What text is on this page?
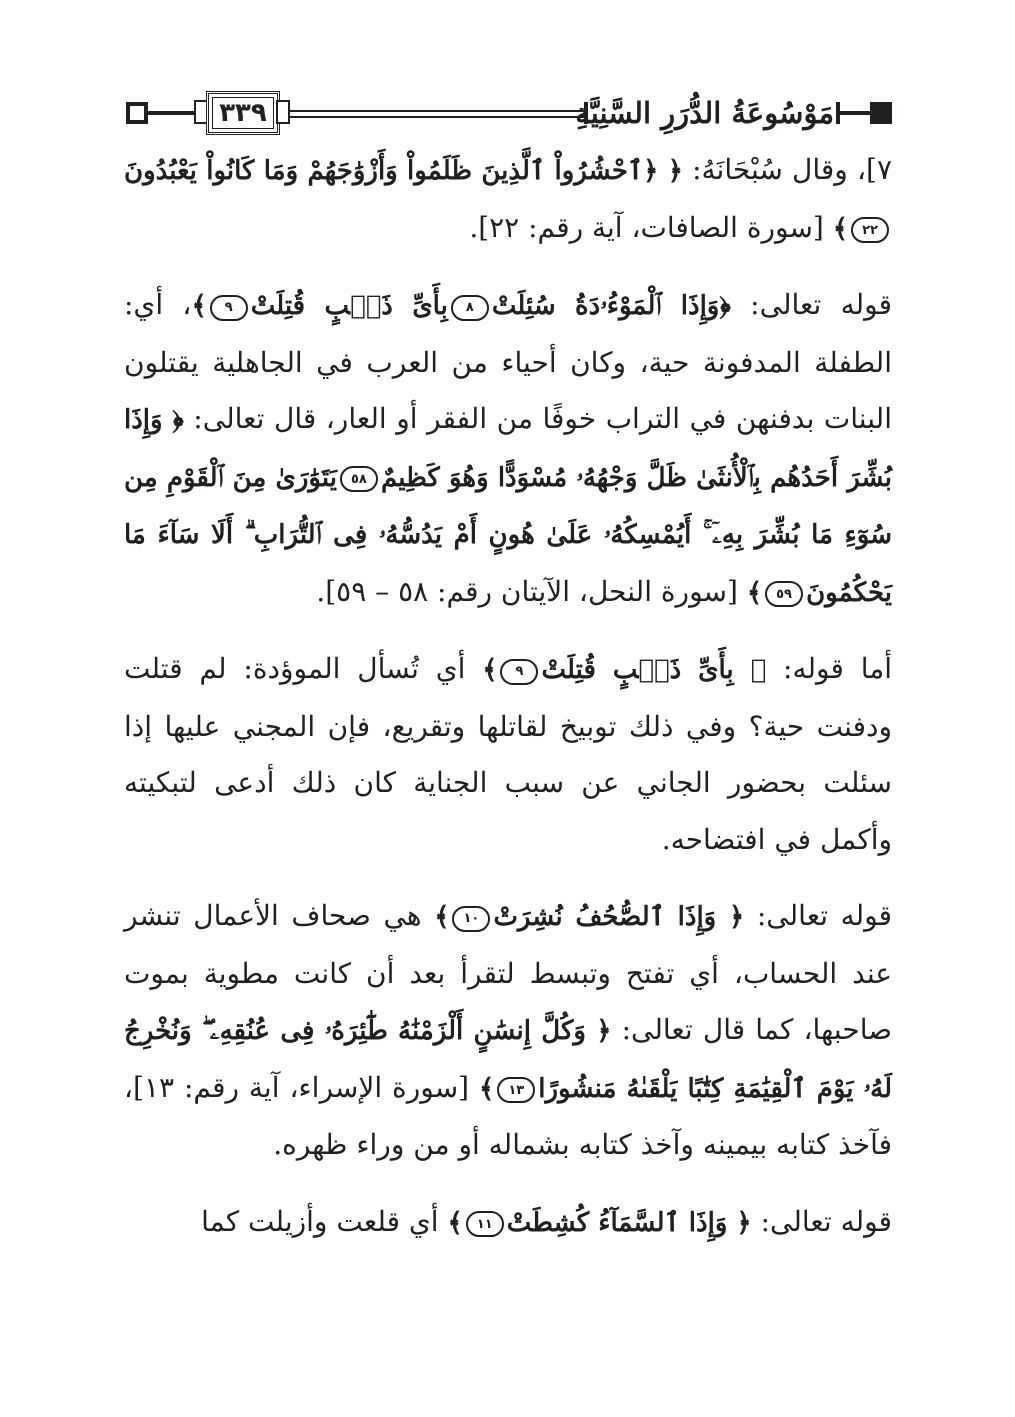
٣٣٩	مَوْسُوعَةُ الدُّرَرِ السَّنِيَّةِ

٧]، وقال سُبْحَانَهُ: ﴿ ﴿ٱحْشُرُواْ ٱلَّذِينَ ظَلَمُواْ وَأَزْوَٰجَهُمْ وَمَا كَانُواْ يَعْبُدُونَ٢٢﴾ [سورة الصافات، آية رقم: ٢٢].

قوله تعالى: ﴿وَإِذَا ٱلْمَوْءُۥدَةُ سُئِلَتْ٨بِأَىِّ ذَنۢبٍ قُتِلَتْ٩﴾، أي: الطفلة المدفونة حية، وكان أحياء من العرب في الجاهلية يقتلون البنات بدفنهن في التراب خوفًا من الفقر أو العار، قال تعالى: ﴿ وَإِذَا بُشِّرَ أَحَدُهُم بِٱلْأُنثَىٰ ظَلَّ وَجْهُهُۥ مُسْوَدًّا وَهُوَ كَظِيمٌ٥٨يَتَوَٰرَىٰ مِنَ ٱلْقَوْمِ مِن سُوٓءِ مَا بُشِّرَ بِهِۦٓ ۚ أَيُمْسِكُهُۥ عَلَىٰ هُونٍ أَمْ يَدُسُّهُۥ فِى ٱلتُّرَابِ ۗ أَلَا سَآءَ مَا يَحْكُمُونَ٥٩﴾ [سورة النحل، الآيتان رقم: ٥٨ – ٥٩].

أما قوله: ﴿ بِأَىِّ ذَنۢبٍ قُتِلَتْ٩﴾ أي تُسأل الموؤدة: لم قتلت ودفنت حية؟ وفي ذلك توبيخ لقاتلها وتقريع، فإن المجني عليها إذا سئلت بحضور الجاني عن سبب الجناية كان ذلك أدعى لتبكيته وأكمل في افتضاحه.

قوله تعالى: ﴿ وَإِذَا ٱلصُّحُفُ نُشِرَتْ١٠﴾ هي صحاف الأعمال تنشر عند الحساب، أي تفتح وتبسط لتقرأ بعد أن كانت مطوية بموت صاحبها، كما قال تعالى: ﴿ وَكُلَّ إِنسَٰنٍ أَلْزَمْنَٰهُ طَٰٓئِرَهُۥ فِى عُنُقِهِۦ ۖ وَنُخْرِجُ لَهُۥ يَوْمَ ٱلْقِيَٰمَةِ كِتَٰبًا يَلْقَىٰهُ مَنشُورًا١٣﴾ [سورة الإسراء، آية رقم: ١٣]، فآخذ كتابه بيمينه وآخذ كتابه بشماله أو من وراء ظهره.

قوله تعالى: ﴿ وَإِذَا ٱلسَّمَآءُ كُشِطَتْ١١﴾ أي قلعت وأزيلت كما
